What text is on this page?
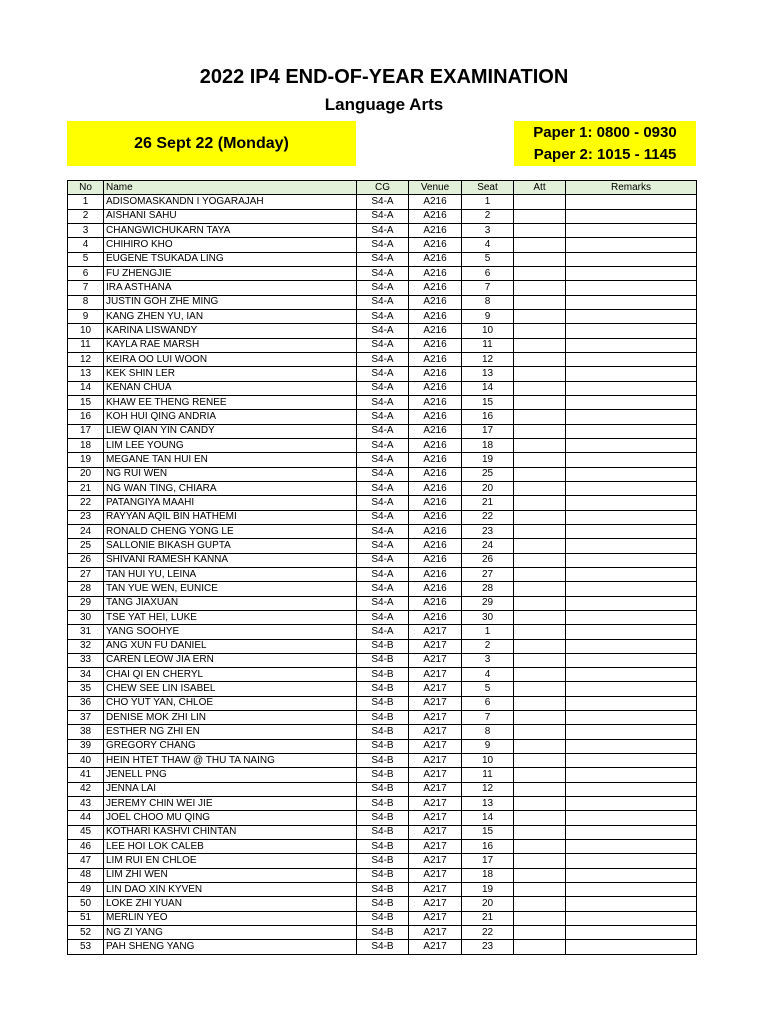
2022 IP4 END-OF-YEAR EXAMINATION
Language Arts
26 Sept 22 (Monday)
Paper 1: 0800 - 0930
Paper 2: 1015 - 1145
No	Name	CG	Venue	Seat	Att	Remarks
1	ADISOMASKANDN I YOGARAJAH	S4-A	A216	1		
2	AISHANI SAHU	S4-A	A216	2		
3	CHANGWICHUKARN TAYA	S4-A	A216	3		
4	CHIHIRO KHO	S4-A	A216	4		
5	EUGENE TSUKADA LING	S4-A	A216	5		
6	FU ZHENGJIE	S4-A	A216	6		
7	IRA ASTHANA	S4-A	A216	7		
8	JUSTIN GOH ZHE MING	S4-A	A216	8		
9	KANG ZHEN YU, IAN	S4-A	A216	9		
10	KARINA LISWANDY	S4-A	A216	10		
11	KAYLA RAE MARSH	S4-A	A216	11		
12	KEIRA OO LUI WOON	S4-A	A216	12		
13	KEK SHIN LER	S4-A	A216	13		
14	KENAN CHUA	S4-A	A216	14		
15	KHAW EE THENG RENEE	S4-A	A216	15		
16	KOH HUI QING ANDRIA	S4-A	A216	16		
17	LIEW QIAN YIN CANDY	S4-A	A216	17		
18	LIM LEE YOUNG	S4-A	A216	18		
19	MEGANE TAN HUI EN	S4-A	A216	19		
20	NG RUI WEN	S4-A	A216	25		
21	NG WAN TING, CHIARA	S4-A	A216	20		
22	PATANGIYA MAAHI	S4-A	A216	21		
23	RAYYAN AQIL BIN HATHEMI	S4-A	A216	22		
24	RONALD CHENG YONG LE	S4-A	A216	23		
25	SALLONIE BIKASH GUPTA	S4-A	A216	24		
26	SHIVANI RAMESH KANNA	S4-A	A216	26		
27	TAN HUI YU, LEINA	S4-A	A216	27		
28	TAN YUE WEN, EUNICE	S4-A	A216	28		
29	TANG JIAXUAN	S4-A	A216	29		
30	TSE YAT HEI, LUKE	S4-A	A216	30		
31	YANG SOOHYE	S4-A	A217	1		
32	ANG XUN FU DANIEL	S4-B	A217	2		
33	CAREN LEOW JIA ERN	S4-B	A217	3		
34	CHAI QI EN CHERYL	S4-B	A217	4		
35	CHEW SEE LIN ISABEL	S4-B	A217	5		
36	CHO YUT YAN, CHLOE	S4-B	A217	6		
37	DENISE MOK ZHI LIN	S4-B	A217	7		
38	ESTHER NG ZHI EN	S4-B	A217	8		
39	GREGORY CHANG	S4-B	A217	9		
40	HEIN HTET THAW @ THU TA NAING	S4-B	A217	10		
41	JENELL PNG	S4-B	A217	11		
42	JENNA LAI	S4-B	A217	12		
43	JEREMY CHIN WEI JIE	S4-B	A217	13		
44	JOEL CHOO MU QING	S4-B	A217	14		
45	KOTHARI KASHVI CHINTAN	S4-B	A217	15		
46	LEE HOI LOK CALEB	S4-B	A217	16		
47	LIM RUI EN CHLOE	S4-B	A217	17		
48	LIM ZHI WEN	S4-B	A217	18		
49	LIN DAO XIN KYVEN	S4-B	A217	19		
50	LOKE ZHI YUAN	S4-B	A217	20		
51	MERLIN YEO	S4-B	A217	21		
52	NG ZI YANG	S4-B	A217	22		
53	PAH SHENG YANG	S4-B	A217	23		
